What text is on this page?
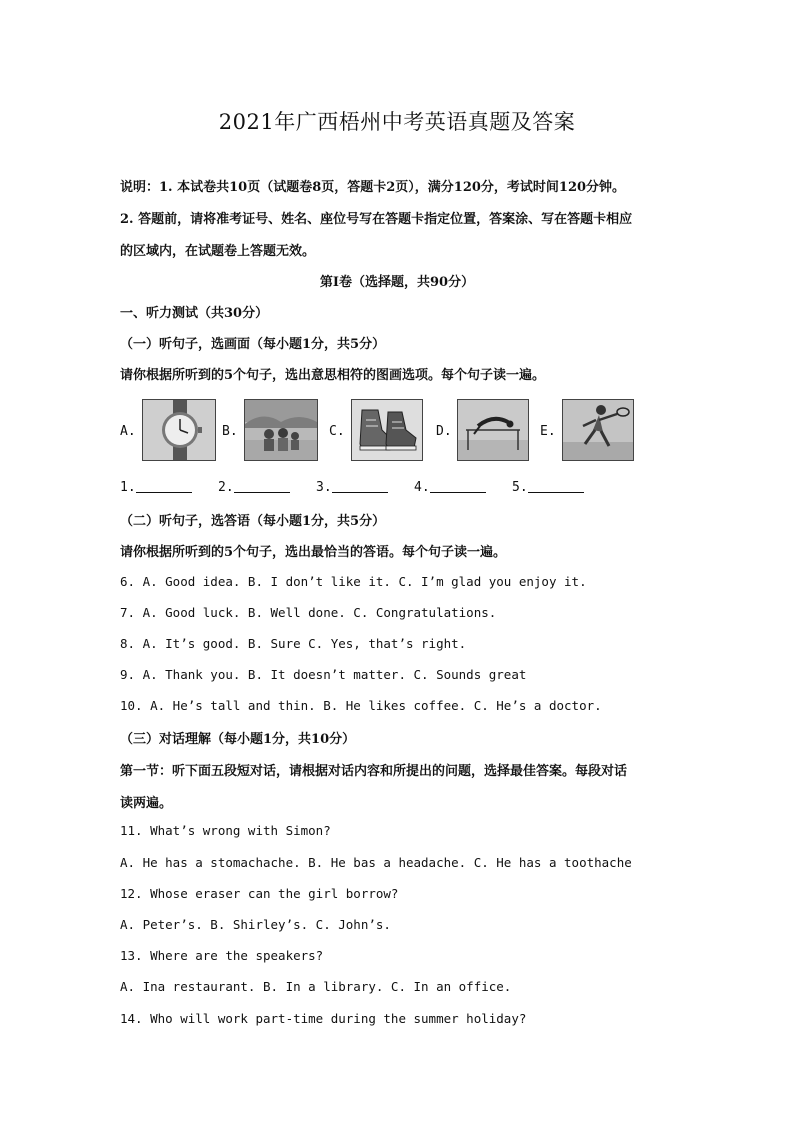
2021年广西梧州中考英语真题及答案
说明：1. 本试卷共10页（试题卷8页，答题卡2页），满分120分，考试时间120分钟。
2. 答题前，请将准考证号、姓名、座位号写在答题卡指定位置，答案涂、写在答题卡相应
的区域内，在试题卷上答题无效。
第Ⅰ卷（选择题，共90分）
一、听力测试（共30分）
（一）听句子，选画面（每小题1分，共5分）
请你根据所听到的5个句子，选出意思相符的图画选项。每个句子读一遍。
A.	B.	C.	D.	E.
1.	2.	3.	4.	5.
（二）听句子，选答语（每小题1分，共5分）
请你根据所听到的5个句子，选出最恰当的答语。每个句子读一遍。
6. A. Good idea. B. I don’t like it. C. I’m glad you enjoy it.
7. A. Good luck. B. Well done. C. Congratulations.
8. A. It’s good. B. Sure C. Yes, that’s right.
9. A. Thank you. B. It doesn’t matter. C. Sounds great
10. A. He’s tall and thin. B. He likes coffee. C. He’s a doctor.
（三）对话理解（每小题1分，共10分）
第一节：听下面五段短对话，请根据对话内容和所提出的问题，选择最佳答案。每段对话
读两遍。
11. What’s wrong with Simon?
A. He has a stomachache. B. He bas a headache. C. He has a toothache
12. Whose eraser can the girl borrow?
A. Peter’s. B. Shirley’s. C. John’s.
13. Where are the speakers?
A. Ina restaurant. B. In a library. C. In an office.
14. Who will work part-time during the summer holiday?
